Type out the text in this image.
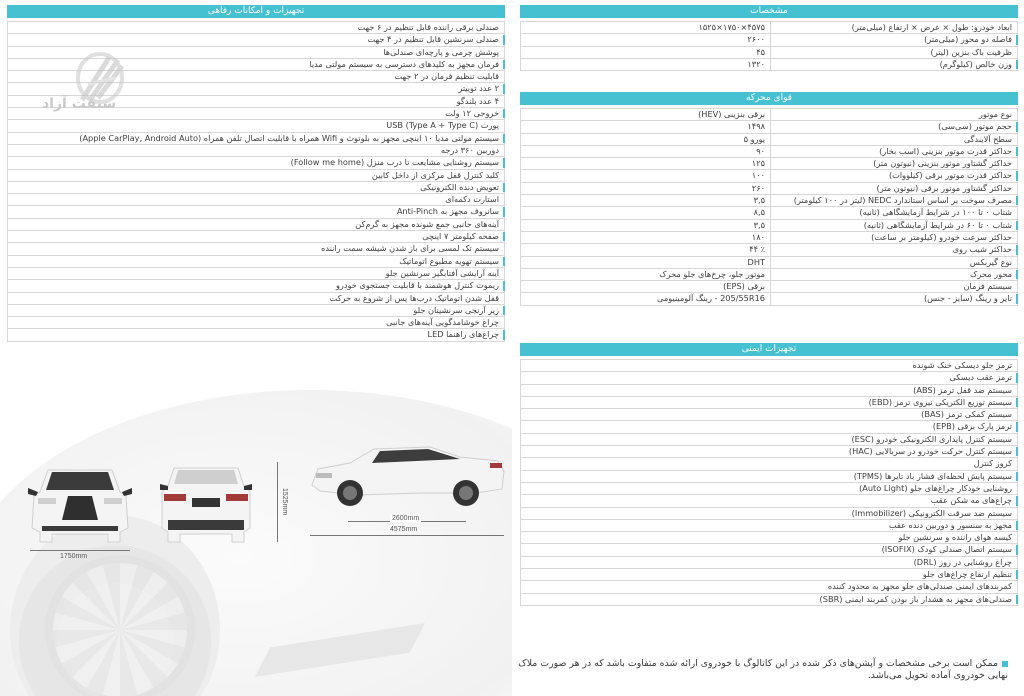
تجهیزات و امکانات رفاهی
صندلی برقی راننده قابل تنظیم در ۶ جهت
صندلی سرنشین قابل تنظیم در ۴ جهت
پوشش چرمی و پارچه‌ای صندلی‌ها
فرمان مجهز به کلیدهای دسترسی به سیستم مولتی مدیا
قابلیت تنظیم فرمان در ۲ جهت
۲ عدد توییتر
۴ عدد بلندگو
خروجی ۱۲ ولت
پورت USB (Type A + Type C)
سیستم مولتی مدیا ۱۰ اینچی مجهز به بلوتوث و Wifi همراه با قابلیت اتصال تلفن همراه (Apple CarPlay, Android Auto)
دوربین ۳۶۰ درجه
سیستم روشنایی مشایعت تا درب منزل (Follow me home)
کلید کنترل قفل مرکزی از داخل کابین
تعویض دنده الکترونیکی
استارت دکمه‌ای
سانروف مجهز به Anti-Pinch
آینه‌های جانبی جمع شونده مجهز به گرم‌کن
صفحه کیلومتر ۷ اینچی
سیستم تک لمسی برای باز شدن شیشه سمت راننده
سیستم تهویه مطبوع اتوماتیک
آینه آرایشی آفتابگیر سرنشین جلو
ریموت کنترل هوشمند با قابلیت جستجوی خودرو
قفل شدن اتوماتیک درب‌ها پس از شروع به حرکت
زیر آرنجی سرنشینان جلو
چراغ خوشامدگویی آینه‌های جانبی
چراغ‌های راهنما LED
سبقت آزاد
مشخصات
ابعاد خودرو: طول × عرض × ارتفاع (میلی‌متر)
۴۵۷۵×۱۷۵۰×۱۵۲۵
فاصله دو محور (میلی‌متر)
۲۶۰۰
ظرفیت باک بنزین (لیتر)
۴۵
وزن خالص (کیلوگرم)
۱۳۲۰
قوای محرکه
نوع موتور
برقی بنزینی (HEV)
حجم موتور (سی‌سی)
۱۴۹۸
سطح آلایندگی
یورو ۵
حداکثر قدرت موتور بنزینی (اسب بخار)
۹۰
حداکثر گشتاور موتور بنزینی (نیوتون متر)
۱۲۵
حداکثر قدرت موتور برقی (کیلووات)
۱۰۰
حداکثر گشتاور موتور برقی (نیوتون متر)
۲۶۰
مصرف سوخت بر اساس استاندارد NEDC (لیتر در ۱۰۰ کیلومتر)
۳,۵
شتاب ۰ تا ۱۰۰ در شرایط آزمایشگاهی (ثانیه)
۸,۵
شتاب ۰ تا ۶۰ در شرایط آزمایشگاهی (ثانیه)
۳,۵
حداکثر سرعت خودرو (کیلومتر بر ساعت)
۱۸۰
حداکثر شیب روی
٪ ۴۴
نوع گیربکس
DHT
محور محرک
موتور جلو، چرخ‌های جلو محرک
سیستم فرمان
برقی (EPS)
تایر و رینگ (سایز - جنس)
205/55R16 - رینگ آلومینیومی
تجهیزات ایمنی
ترمز جلو دیسکی خنک شونده
ترمز عقب دیسکی
سیستم ضد قفل ترمز (ABS)
سیستم توزیع الکتریکی نیروی ترمز (EBD)
سیستم کمکی ترمز (BAS)
ترمز پارک برقی (EPB)
سیستم کنترل پایداری الکترونیکی خودرو (ESC)
سیستم کنترل حرکت خودرو در سربالایی (HAC)
کروز کنترل
سیستم پایش لحظه‌ای فشار باد تایرها (TPMS)
روشنایی خودکار چراغ‌های جلو (Auto Light)
چراغ‌های مه شکن عقب
سیستم ضد سرقت الکترونیکی (Immobilizer)
مجهز به سنسور و دوربین دنده عقب
کیسه هوای راننده و سرنشین جلو
سیستم اتصال صندلی کودک (ISOFIX)
چراغ روشنایی در روز (DRL)
تنظیم ارتفاع چراغ‌های جلو
کمربندهای ایمنی صندلی‌های جلو مجهز به محدود کننده
صندلی‌های مجهز به هشدار باز بودن کمربند ایمنی (SBR)
1750mm
1525mm
2600mm
4575mm
ممکن است برخی مشخصات و آپشن‌های ذکر شده در این کاتالوگ با خودروی ارائه شده متفاوت باشد که در هر صورت ملاک نهایی خودروی آماده تحویل می‌باشد.
